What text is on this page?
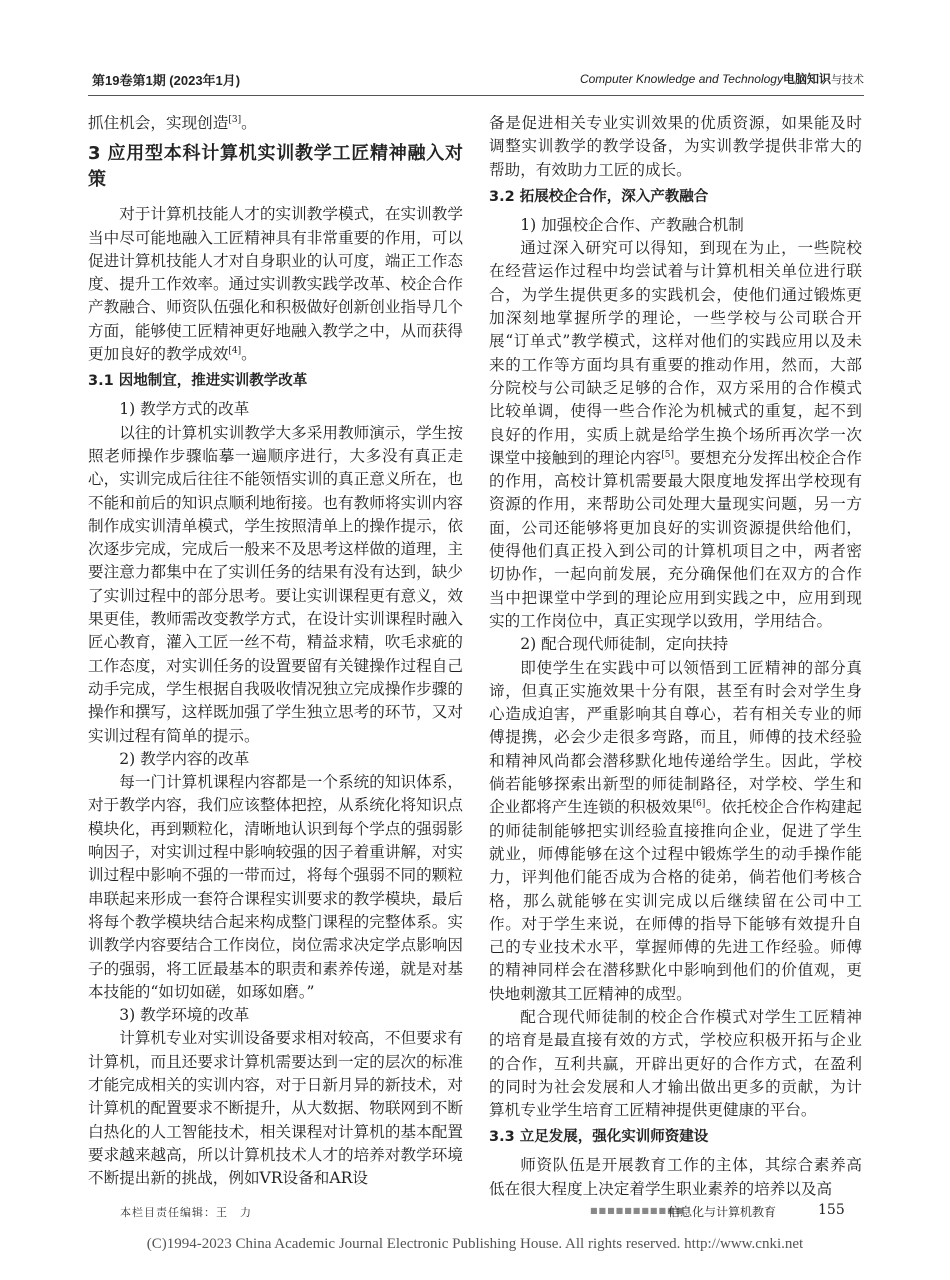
第19卷第1期 (2023年1月)	Computer Knowledge and Technology电脑知识与技术

抓住机会，实现创造[3]。

3 应用型本科计算机实训教学工匠精神融入对策

对于计算机技能人才的实训教学模式，在实训教学当中尽可能地融入工匠精神具有非常重要的作用，可以促进计算机技能人才对自身职业的认可度，端正工作态度、提升工作效率。通过实训教实践学改革、校企合作产教融合、师资队伍强化和积极做好创新创业指导几个方面，能够使工匠精神更好地融入教学之中，从而获得更加良好的教学成效[4]。

3.1 因地制宜，推进实训教学改革

1) 教学方式的改革

以往的计算机实训教学大多采用教师演示，学生按照老师操作步骤临摹一遍顺序进行，大多没有真正走心，实训完成后往往不能领悟实训的真正意义所在，也不能和前后的知识点顺利地衔接。也有教师将实训内容制作成实训清单模式，学生按照清单上的操作提示，依次逐步完成，完成后一般来不及思考这样做的道理，主要注意力都集中在了实训任务的结果有没有达到，缺少了实训过程中的部分思考。要让实训课程更有意义，效果更佳，教师需改变教学方式，在设计实训课程时融入匠心教育，灌入工匠一丝不苟，精益求精，吹毛求疵的工作态度，对实训任务的设置要留有关键操作过程自己动手完成，学生根据自我吸收情况独立完成操作步骤的操作和撰写，这样既加强了学生独立思考的环节，又对实训过程有简单的提示。

2) 教学内容的改革

每一门计算机课程内容都是一个系统的知识体系，对于教学内容，我们应该整体把控，从系统化将知识点模块化，再到颗粒化，清晰地认识到每个学点的强弱影响因子，对实训过程中影响较强的因子着重讲解，对实训过程中影响不强的一带而过，将每个强弱不同的颗粒串联起来形成一套符合课程实训要求的教学模块，最后将每个教学模块结合起来构成整门课程的完整体系。实训教学内容要结合工作岗位，岗位需求决定学点影响因子的强弱，将工匠最基本的职责和素养传递，就是对基本技能的“如切如磋，如琢如磨。”

3) 教学环境的改革

计算机专业对实训设备要求相对较高，不但要求有计算机，而且还要求计算机需要达到一定的层次的标准才能完成相关的实训内容，对于日新月异的新技术，对计算机的配置要求不断提升，从大数据、物联网到不断白热化的人工智能技术，相关课程对计算机的基本配置要求越来越高，所以计算机技术人才的培养对教学环境不断提出新的挑战，例如VR设备和AR设

备是促进相关专业实训效果的优质资源，如果能及时调整实训教学的教学设备，为实训教学提供非常大的帮助，有效助力工匠的成长。

3.2 拓展校企合作，深入产教融合

1) 加强校企合作、产教融合机制

通过深入研究可以得知，到现在为止，一些院校在经营运作过程中均尝试着与计算机相关单位进行联合，为学生提供更多的实践机会，使他们通过锻炼更加深刻地掌握所学的理论，一些学校与公司联合开展“订单式”教学模式，这样对他们的实践应用以及未来的工作等方面均具有重要的推动作用，然而，大部分院校与公司缺乏足够的合作，双方采用的合作模式比较单调，使得一些合作沦为机械式的重复，起不到良好的作用，实质上就是给学生换个场所再次学一次课堂中接触到的理论内容[5]。要想充分发挥出校企合作的作用，高校计算机需要最大限度地发挥出学校现有资源的作用，来帮助公司处理大量现实问题，另一方面，公司还能够将更加良好的实训资源提供给他们，使得他们真正投入到公司的计算机项目之中，两者密切协作，一起向前发展，充分确保他们在双方的合作当中把课堂中学到的理论应用到实践之中，应用到现实的工作岗位中，真正实现学以致用，学用结合。

2) 配合现代师徒制，定向扶持

即使学生在实践中可以领悟到工匠精神的部分真谛，但真正实施效果十分有限，甚至有时会对学生身心造成迫害，严重影响其自尊心，若有相关专业的师傅提携，必会少走很多弯路，而且，师傅的技术经验和精神风尚都会潜移默化地传递给学生。因此，学校倘若能够探索出新型的师徒制路径，对学校、学生和企业都将产生连锁的积极效果[6]。依托校企合作构建起的师徒制能够把实训经验直接推向企业，促进了学生就业，师傅能够在这个过程中锻炼学生的动手操作能力，评判他们能否成为合格的徒弟，倘若他们考核合格，那么就能够在实训完成以后继续留在公司中工作。对于学生来说，在师傅的指导下能够有效提升自己的专业技术水平，掌握师傅的先进工作经验。师傅的精神同样会在潜移默化中影响到他们的价值观，更快地刺激其工匠精神的成型。

配合现代师徒制的校企合作模式对学生工匠精神的培育是最直接有效的方式，学校应积极开拓与企业的合作，互利共赢，开辟出更好的合作方式，在盈利的同时为社会发展和人才输出做出更多的贡献，为计算机专业学生培育工匠精神提供更健康的平台。

3.3 立足发展，强化实训师资建设

师资队伍是开展教育工作的主体，其综合素养高低在很大程度上决定着学生职业素养的培养以及高

本栏目责任编辑：王　力	■■■■■■■■■■■
信息化与计算机教育	155
(C)1994-2023 China Academic Journal Electronic Publishing House. All rights reserved. http://www.cnki.net
